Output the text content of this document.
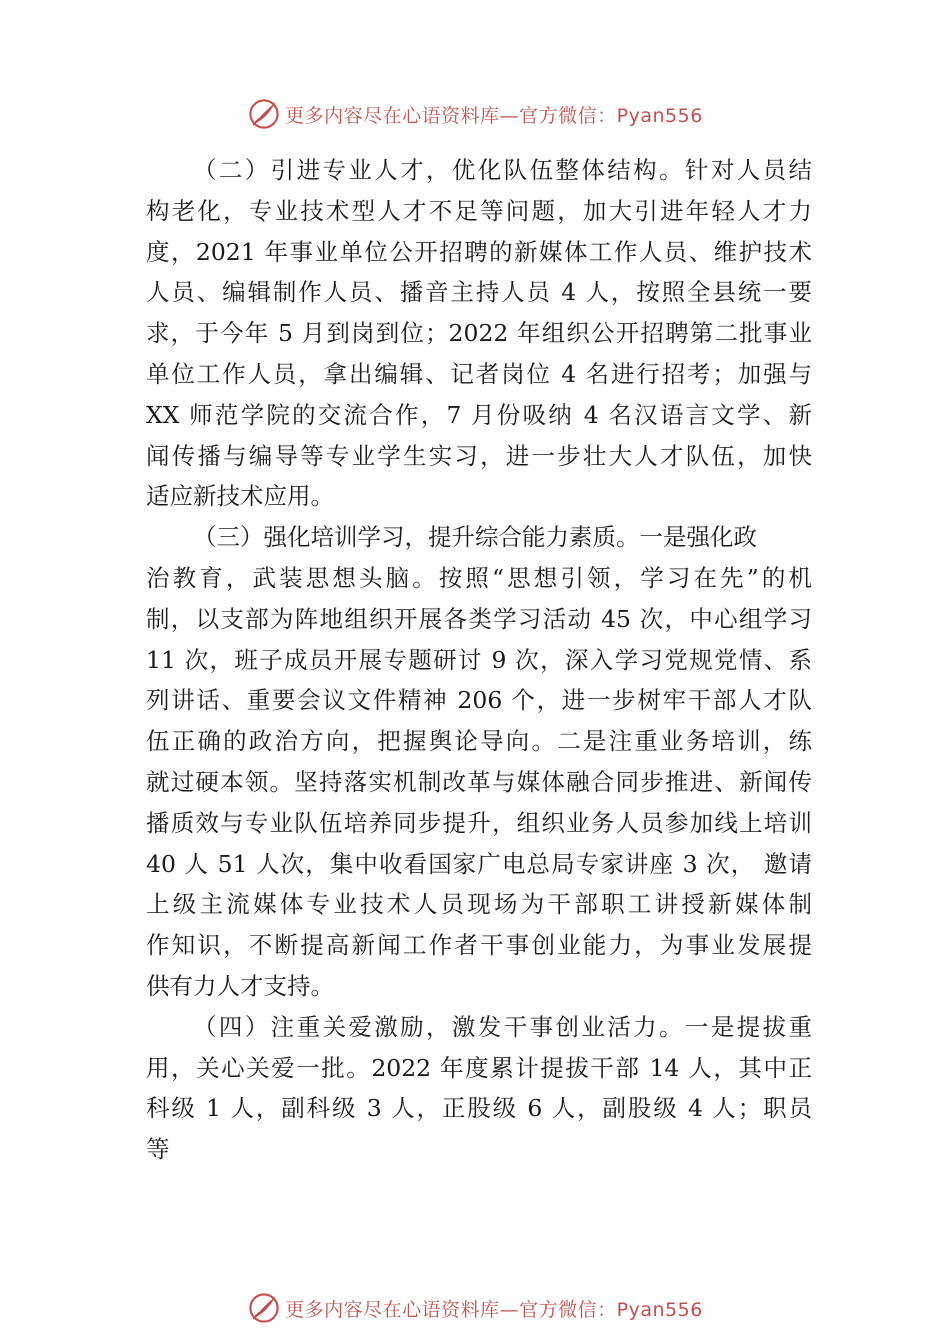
更多内容尽在心语资料库—官方微信：Pyan556
（二）引进专业人才，优化队伍整体结构。针对人员结
构老化，专业技术型人才不足等问题，加大引进年轻人才力
度，2021 年事业单位公开招聘的新媒体工作人员、维护技术
人员、编辑制作人员、播音主持人员 4 人，按照全县统一要
求，于今年 5 月到岗到位；2022 年组织公开招聘第二批事业
单位工作人员，拿出编辑、记者岗位 4 名进行招考；加强与
XX 师范学院的交流合作，7 月份吸纳 4 名汉语言文学、新
闻传播与编导等专业学生实习，进一步壮大人才队伍，加快
适应新技术应用。
（三）强化培训学习，提升综合能力素质。一是强化政
治教育，武装思想头脑。按照“思想引领，学习在先”的机
制，以支部为阵地组织开展各类学习活动 45 次，中心组学习
11 次，班子成员开展专题研讨 9 次，深入学习党规党情、系
列讲话、重要会议文件精神 206 个，进一步树牢干部人才队
伍正确的政治方向，把握舆论导向。二是注重业务培训，练
就过硬本领。坚持落实机制改革与媒体融合同步推进、新闻传
播质效与专业队伍培养同步提升，组织业务人员参加线上培训
40 人 51 人次，集中收看国家广电总局专家讲座 3 次， 邀请
上级主流媒体专业技术人员现场为干部职工讲授新媒体制
作知识，不断提高新闻工作者干事创业能力，为事业发展提
供有力人才支持。
（四）注重关爱激励，激发干事创业活力。一是提拔重
用，关心关爱一批。2022 年度累计提拔干部 14 人，其中正
科级 1 人，副科级 3 人，正股级 6 人，副股级 4 人；职员
等
更多内容尽在心语资料库—官方微信：Pyan556
